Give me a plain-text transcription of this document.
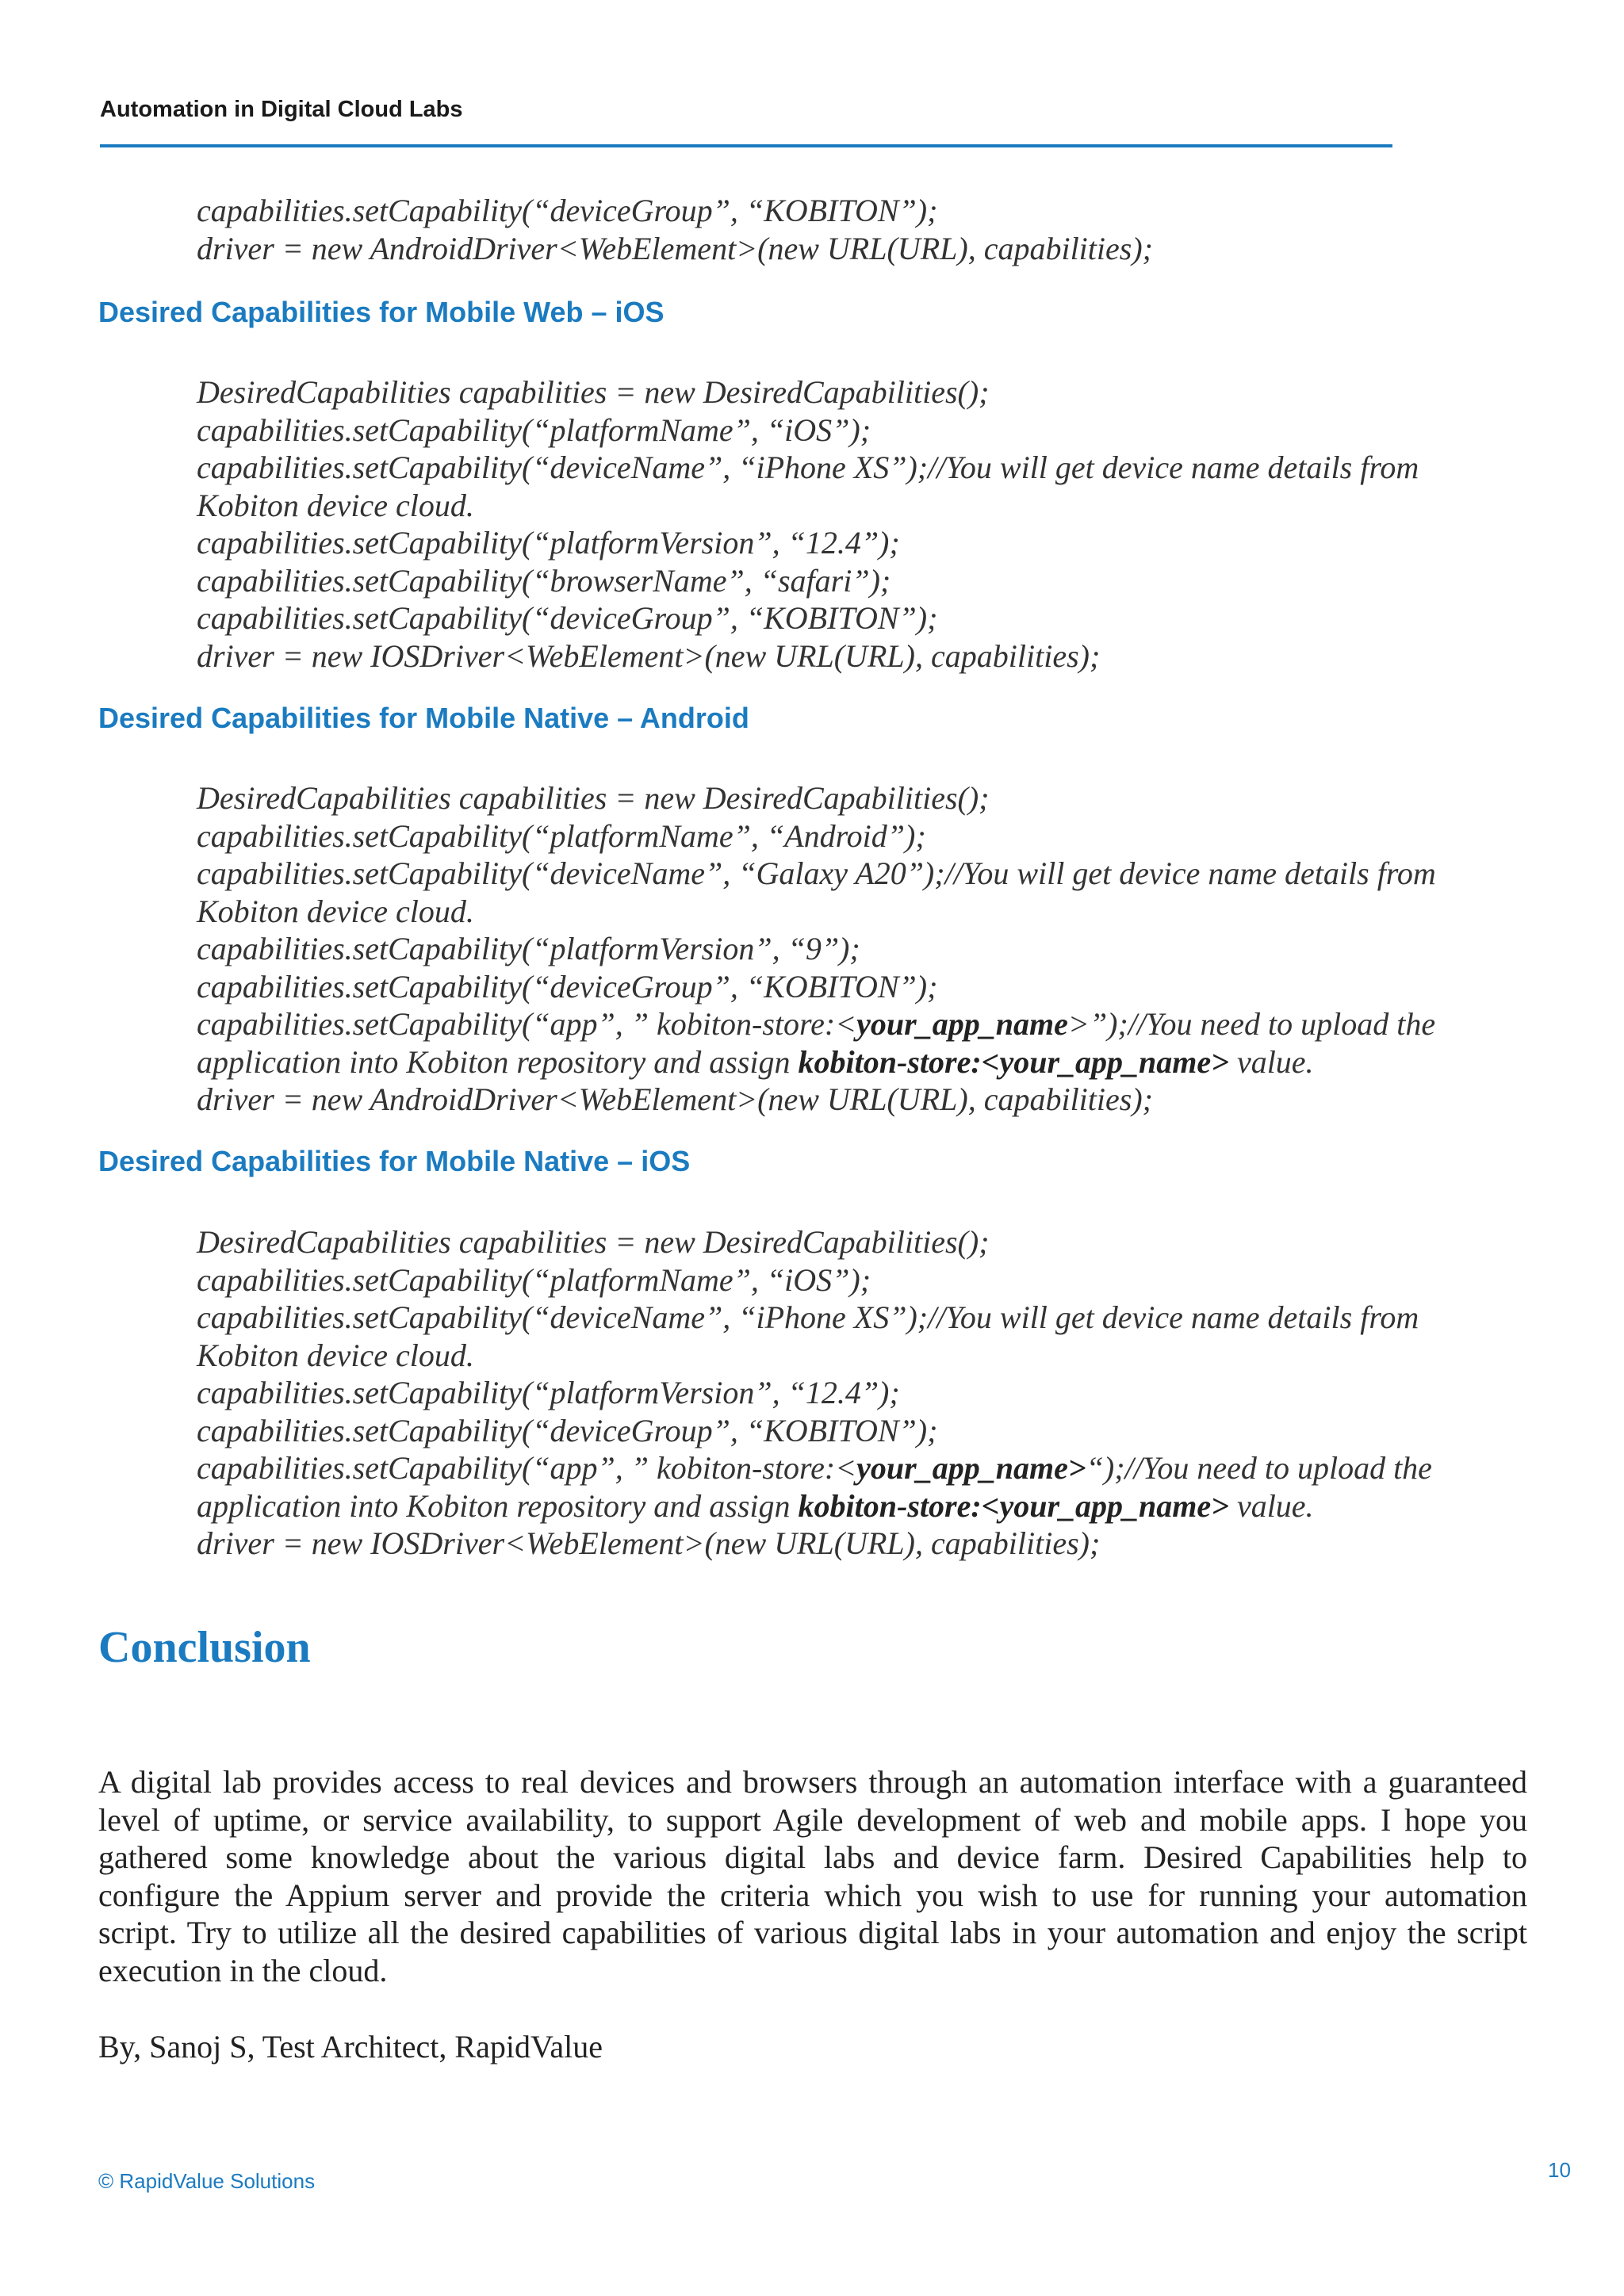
Automation in Digital Cloud Labs
capabilities.setCapability(“deviceGroup”, “KOBITON”);
driver = new AndroidDriver<WebElement>(new URL(URL), capabilities);
Desired Capabilities for Mobile Web – iOS
DesiredCapabilities capabilities = new DesiredCapabilities();
capabilities.setCapability(“platformName”, “iOS”);
capabilities.setCapability(“deviceName”, “iPhone XS”);//You will get device name details from
Kobiton device cloud.
capabilities.setCapability(“platformVersion”, “12.4”);
capabilities.setCapability(“browserName”, “safari”);
capabilities.setCapability(“deviceGroup”, “KOBITON”);
driver = new IOSDriver<WebElement>(new URL(URL), capabilities);
Desired Capabilities for Mobile Native – Android
DesiredCapabilities capabilities = new DesiredCapabilities();
capabilities.setCapability(“platformName”, “Android”);
capabilities.setCapability(“deviceName”, “Galaxy A20”);//You will get device name details from
Kobiton device cloud.
capabilities.setCapability(“platformVersion”, “9”);
capabilities.setCapability(“deviceGroup”, “KOBITON”);
capabilities.setCapability(“app”, ” kobiton-store:<your_app_name>”);//You need to upload the
application into Kobiton repository and assign kobiton-store:<your_app_name> value.
driver = new AndroidDriver<WebElement>(new URL(URL), capabilities);
Desired Capabilities for Mobile Native – iOS
DesiredCapabilities capabilities = new DesiredCapabilities();
capabilities.setCapability(“platformName”, “iOS”);
capabilities.setCapability(“deviceName”, “iPhone XS”);//You will get device name details from
Kobiton device cloud.
capabilities.setCapability(“platformVersion”, “12.4”);
capabilities.setCapability(“deviceGroup”, “KOBITON”);
capabilities.setCapability(“app”, ” kobiton-store:<your_app_name>“);//You need to upload the
application into Kobiton repository and assign kobiton-store:<your_app_name> value.
driver = new IOSDriver<WebElement>(new URL(URL), capabilities);
Conclusion
A digital lab provides access to real devices and browsers through an automation interface with a guaranteed
level of uptime, or service availability, to support Agile development of web and mobile apps. I hope you
gathered some knowledge about the various digital labs and device farm. Desired Capabilities help to
configure the Appium server and provide the criteria which you wish to use for running your automation
script. Try to utilize all the desired capabilities of various digital labs in your automation and enjoy the script
execution in the cloud.
By, Sanoj S, Test Architect, RapidValue
© RapidValue Solutions	10
